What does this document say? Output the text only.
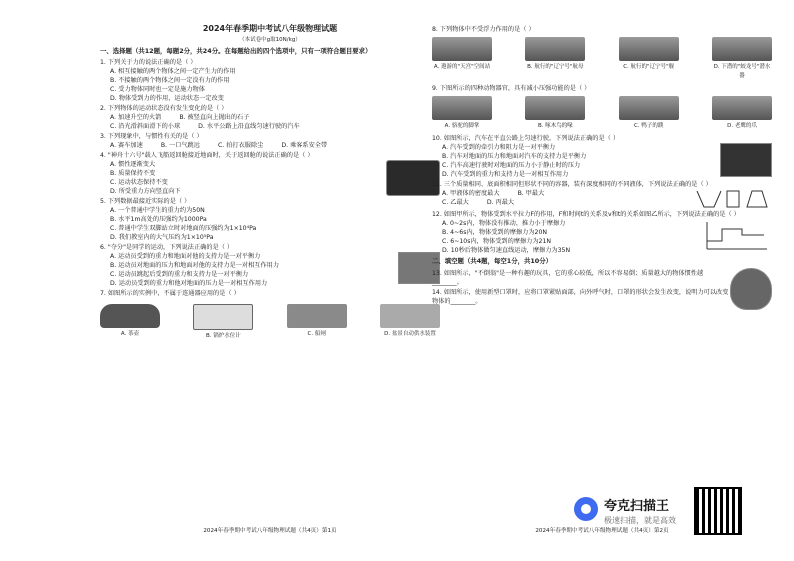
2024年春季期中考试八年级物理试题
（本试卷中g取10N/kg）
一、选择题（共12题，每题2分，共24分。在每题给出的四个选项中，只有一项符合题目要求）
1. 下列关于力的说法正确的是（ ）
A. 相互接触的两个物体之间一定产生力的作用
B. 不接触的两个物体之间一定没有力的作用
C. 受力物体同时也一定是施力物体
D. 物体受到力的作用，运动状态一定改变
2. 下列物体的运动状态没有发生变化的是（ ）
A. 加速升空的火箭	B. 被竖直向上抛出的石子
C. 沿光滑斜面滑下的小球	D. 水平公路上沿直线匀速行驶的汽车
3. 下列现象中，与惯性有关的是（ ）
A. 赛车加速	B. 一口气跳远	C. 拍打衣服除尘	D. 乘客系安全带
4. "神舟十六号"载人飞船返回舱接近地面时，关于返回舱的说法正确的是（ ）
A. 惯性逐渐变大
B. 质量保持不变
C. 运动状态保持不变
D. 所受重力方向竖直向下
5. 下列数据最接近实际的是（ ）
A. 一个普通中学生的重力约为50N
B. 水平1m高处的压强约为1000Pa
C. 普通中学生双脚站立时对地面的压强约为1×10⁴Pa
D. 我们教室内的大气压约为1×10⁵Pa
6. "夺分"是同学的运动，下列说法正确的是（ ）
A. 运动员受到的重力和地面对他的支持力是一对平衡力
B. 运动员对地面的压力和地面对他的支持力是一对相互作用力
C. 运动员跳起后受到的重力和支持力是一对平衡力
D. 运动员受到的重力和他对地面的压力是一对相互作用力
7. 如图所示的实例中，不属于连通器应用的是（ ）
A. 茶壶	B. 锅炉水位计	C. 船闸	D. 盆景自动供水装置
2024年春季期中考试八年级物理试题（共4页）第1页
8. 下列物体中不受浮力作用的是（ ）
A. 遨游的"天宫"空间站	B. 航行的"辽宁号"航母	C. 航行的"辽宁号"舰	D. 下潜的"蛟龙号"潜水器
9. 下图所示的四种动物器官，具有减小压强功能的是（ ）
A. 骆驼的脚掌	B. 啄木鸟的喙	C. 鸭子的蹼	D. 老鹰的爪
10. 如图所示，汽车在平直公路上匀速行驶，下列说法正确的是（ ）
A. 汽车受到的牵引力和阻力是一对平衡力
B. 汽车对地面的压力和地面对汽车的支持力是平衡力
C. 汽车高速行驶时对地面的压力小于静止时的压力
D. 汽车受到的重力和支持力是一对相互作用力
11. 三个质量相同、底面积相同但形状不同的容器，装有深度相同的不同液体，下列说法正确的是（ ）
A. 甲液体的密度最大	B. 甲最大
C. 乙最大	D. 丙最大
12. 如图甲所示，物体受到水平拉力F的作用，F和时间t的关系及v和t的关系如图乙所示，下列说法正确的是（ ）
A. 0~2s内，物体没有推动，推力小于摩擦力
B. 4~6s内，物体受到的摩擦力为20N
C. 6~10s内，物体受到的摩擦力为21N
D. 10秒后物体做匀速直线运动，摩擦力为35N
二、填空题（共4题，每空1分，共10分）
13. 如图所示，"不倒翁"是一种有趣的玩具，它的重心较低，所以不容易倒；质量越大的物体惯性越________。
14. 如图所示，使用新型口罩时，应将口罩紧贴面部，向外呼气时，口罩的形状会发生改变，说明力可以改变物体的________。
2024年春季期中考试八年级物理试题（共4页）第2页
夸克扫描王
极速扫描，就是高效
